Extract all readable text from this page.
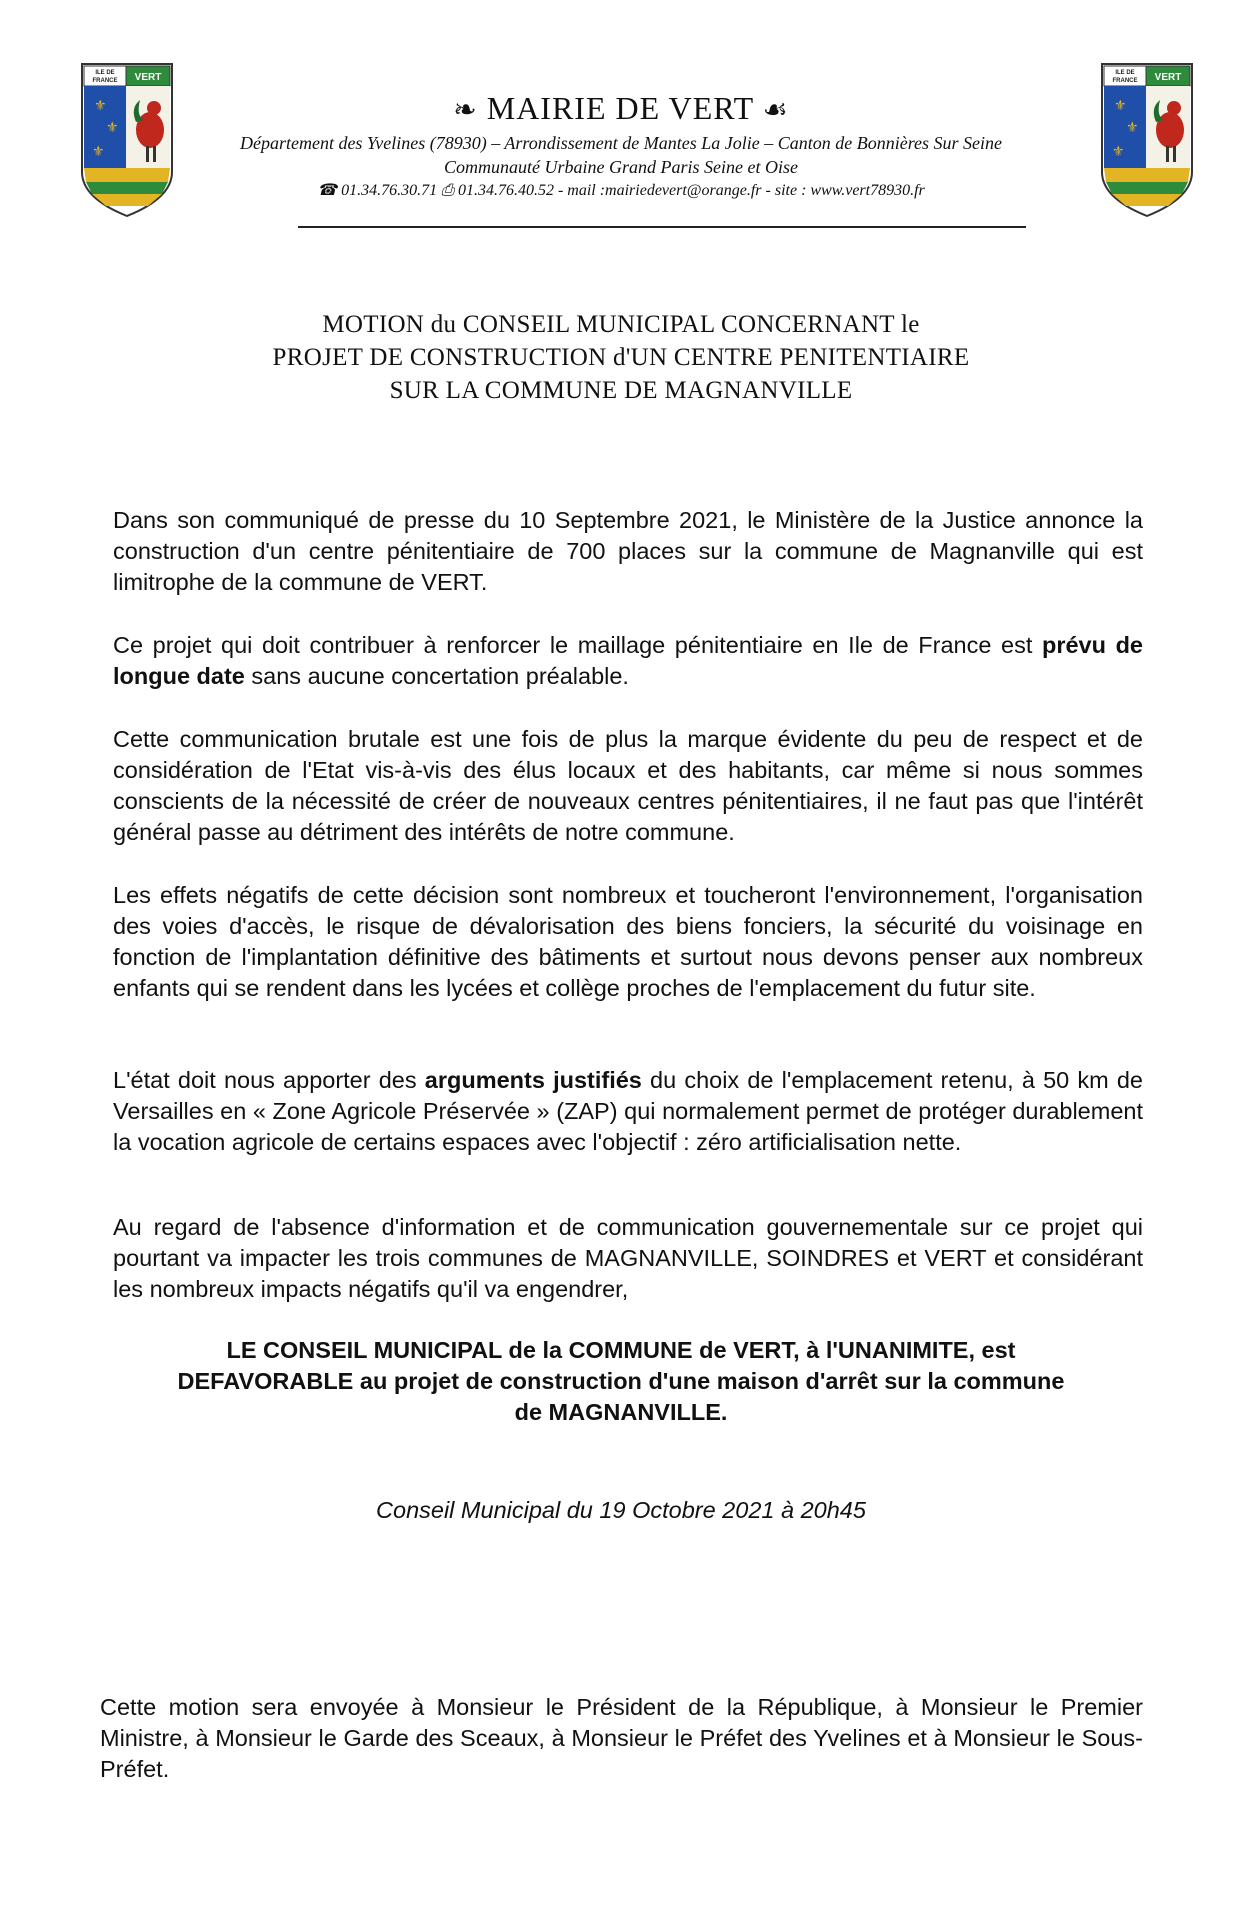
ILE DE
FRANCE VERT
⚜
⚜
⚜
ILE DE
FRANCE VERT
⚜
⚜
⚜
❧ MAIRIE DE VERT ☙
Département des Yvelines (78930) – Arrondissement de Mantes La Jolie – Canton de Bonnières Sur Seine
Communauté Urbaine Grand Paris Seine et Oise
☎ 01.34.76.30.71 ⎙ 01.34.76.40.52 - mail :mairiedevert@orange.fr - site : www.vert78930.fr
MOTION du CONSEIL MUNICIPAL CONCERNANT le
PROJET DE CONSTRUCTION d'UN CENTRE PENITENTIAIRE
SUR LA COMMUNE DE MAGNANVILLE

Dans son communiqué de presse du 10 Septembre 2021, le Ministère de la Justice annonce la construction d'un centre pénitentiaire de 700 places sur la commune de Magnanville qui est limitrophe de la commune de VERT.

Ce projet qui doit contribuer à renforcer le maillage pénitentiaire en Ile de France est prévu de longue date sans aucune concertation préalable.

Cette communication brutale est une fois de plus la marque évidente du peu de respect et de considération de l'Etat vis-à-vis des élus locaux et des habitants, car même si nous sommes conscients de la nécessité de créer de nouveaux centres pénitentiaires, il ne faut pas que l'intérêt général passe au détriment des intérêts de notre commune.

Les effets négatifs de cette décision sont nombreux et toucheront l'environnement, l'organisation des voies d'accès, le risque de dévalorisation des biens fonciers, la sécurité du voisinage en fonction de l'implantation définitive des bâtiments et surtout nous devons penser aux nombreux enfants qui se rendent dans les lycées et collège proches de l'emplacement du futur site.

L'état doit nous apporter des arguments justifiés du choix de l'emplacement retenu, à 50 km de Versailles en « Zone Agricole Préservée » (ZAP) qui normalement permet de protéger durablement la vocation agricole de certains espaces avec l'objectif : zéro artificialisation nette.

Au regard de l'absence d'information et de communication gouvernementale sur ce projet qui pourtant va impacter les trois communes de MAGNANVILLE, SOINDRES et VERT et considérant les nombreux impacts négatifs qu'il va engendrer,

LE CONSEIL MUNICIPAL de la COMMUNE de VERT, à l'UNANIMITE, est
DEFAVORABLE au projet de construction d'une maison d'arrêt sur la commune
de MAGNANVILLE.
Conseil Municipal du 19 Octobre 2021 à 20h45
Cette motion sera envoyée à Monsieur le Président de la République, à Monsieur le Premier Ministre, à Monsieur le Garde des Sceaux, à Monsieur le Préfet des Yvelines et à Monsieur le Sous-Préfet.
